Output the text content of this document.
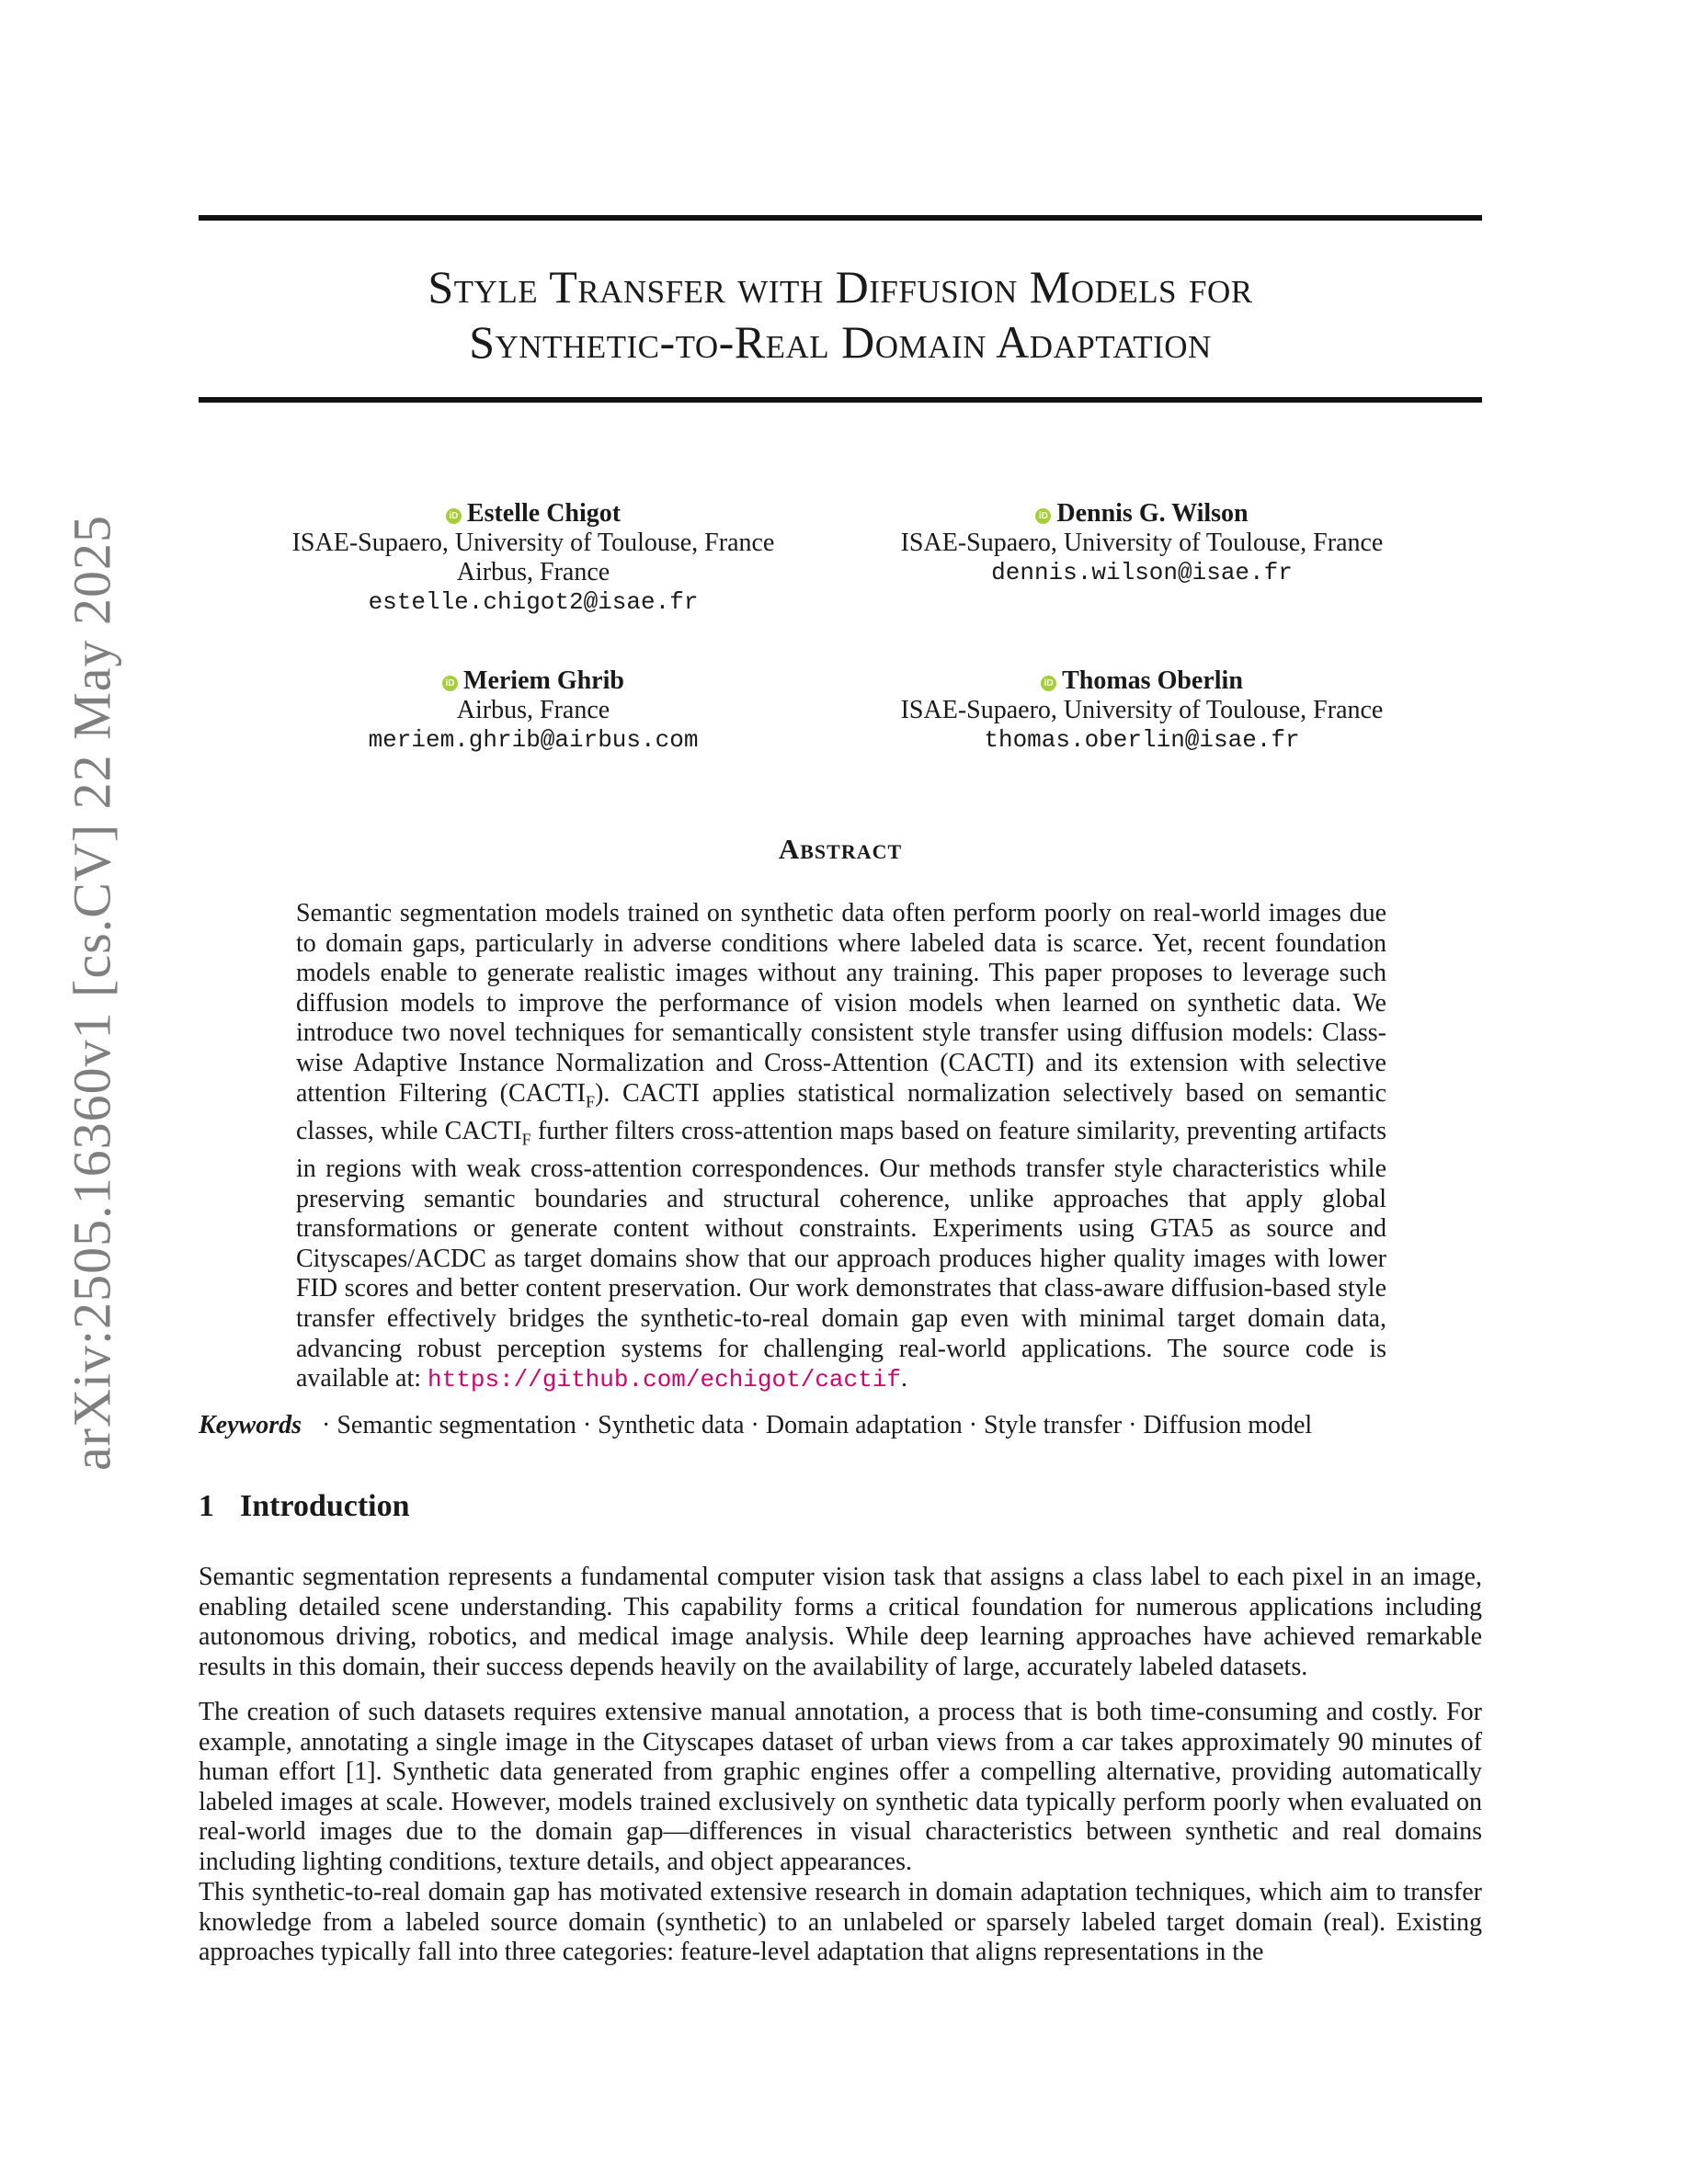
Style Transfer with Diffusion Models for
Synthetic-to-Real Domain Adaptation
arXiv:2505.16360v1 [cs.CV] 22 May 2025	iD Estelle Chigot
ISAE-Supaero, University of Toulouse, France
Airbus, France
estelle.chigot2@isae.fr
iD Dennis G. Wilson
ISAE-Supaero, University of Toulouse, France
dennis.wilson@isae.fr
iD Meriem Ghrib
Airbus, France
meriem.ghrib@airbus.com
iD Thomas Oberlin
ISAE-Supaero, University of Toulouse, France
thomas.oberlin@isae.fr
Abstract
Semantic segmentation models trained on synthetic data often perform poorly on real-world images due to domain gaps, particularly in adverse conditions where labeled data is scarce. Yet, recent foundation models enable to generate realistic images without any training. This paper proposes to leverage such diffusion models to improve the performance of vision models when learned on synthetic data. We introduce two novel techniques for semantically consistent style transfer using diffusion models: Class-wise Adaptive Instance Normalization and Cross-Attention (CACTI) and its extension with selective attention Filtering $(CACTI_F)$. CACTI applies statistical normalization selectively based on semantic classes, while $CACTI_F$ further filters cross-attention maps based on feature similarity, preventing artifacts in regions with weak cross-attention correspondences. Our methods transfer style characteristics while preserving semantic boundaries and structural coherence, unlike approaches that apply global transformations or generate content without constraints. Experiments using GTA5 as source and Cityscapes/ACDC as target domains show that our approach produces higher quality images with lower FID scores and better content preservation. Our work demonstrates that class-aware diffusion-based style transfer effectively bridges the synthetic-to-real domain gap even with minimal target domain data, advancing robust perception systems for challenging real-world applications. The source code is available at: https://github.com/echigot/cactif.
Keywords · Semantic segmentation · Synthetic data · Domain adaptation · Style transfer · Diffusion model
1 Introduction
Semantic segmentation represents a fundamental computer vision task that assigns a class label to each pixel in an image, enabling detailed scene understanding. This capability forms a critical foundation for numerous applications including autonomous driving, robotics, and medical image analysis. While deep learning approaches have achieved remarkable results in this domain, their success depends heavily on the availability of large, accurately labeled datasets.
The creation of such datasets requires extensive manual annotation, a process that is both time-consuming and costly. For example, annotating a single image in the Cityscapes dataset of urban views from a car takes approximately 90 minutes of human effort [1]. Synthetic data generated from graphic engines offer a compelling alternative, providing automatically labeled images at scale. However, models trained exclusively on synthetic data typically perform poorly when evaluated on real-world images due to the domain gap—differences in visual characteristics between synthetic and real domains including lighting conditions, texture details, and object appearances.
This synthetic-to-real domain gap has motivated extensive research in domain adaptation techniques, which aim to transfer knowledge from a labeled source domain (synthetic) to an unlabeled or sparsely labeled target domain (real). Existing approaches typically fall into three categories: feature-level adaptation that aligns representations in the
